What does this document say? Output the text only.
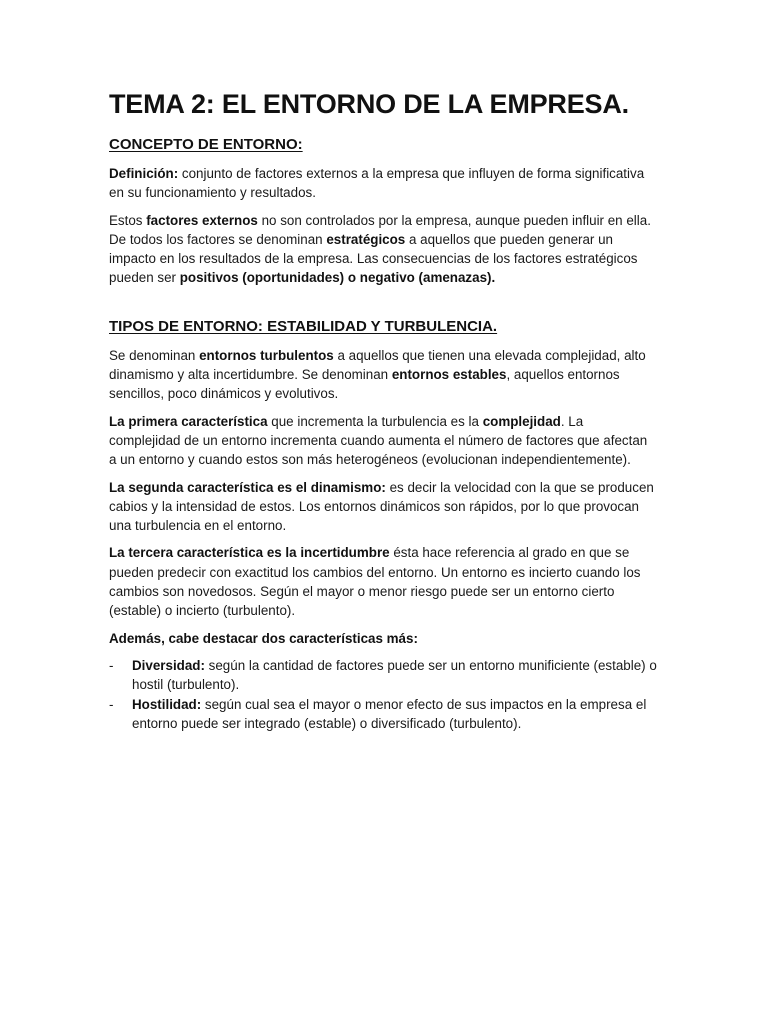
TEMA 2: EL ENTORNO DE LA EMPRESA.
CONCEPTO DE ENTORNO:

Definición: conjunto de factores externos a la empresa que influyen de forma significativa en su funcionamiento y resultados.

Estos factores externos no son controlados por la empresa, aunque pueden influir en ella. De todos los factores se denominan estratégicos a aquellos que pueden generar un impacto en los resultados de la empresa. Las consecuencias de los factores estratégicos pueden ser positivos (oportunidades) o negativo (amenazas).

TIPOS DE ENTORNO: ESTABILIDAD Y TURBULENCIA.

Se denominan entornos turbulentos a aquellos que tienen una elevada complejidad, alto dinamismo y alta incertidumbre. Se denominan entornos estables, aquellos entornos sencillos, poco dinámicos y evolutivos.

La primera característica que incrementa la turbulencia es la complejidad. La complejidad de un entorno incrementa cuando aumenta el número de factores que afectan a un entorno y cuando estos son más heterogéneos (evolucionan independientemente).

La segunda característica es el dinamismo: es decir la velocidad con la que se producen cabios y la intensidad de estos. Los entornos dinámicos son rápidos, por lo que provocan una turbulencia en el entorno.

La tercera característica es la incertidumbre ésta hace referencia al grado en que se pueden predecir con exactitud los cambios del entorno. Un entorno es incierto cuando los cambios son novedosos. Según el mayor o menor riesgo puede ser un entorno cierto (estable) o incierto (turbulento).

Además, cabe destacar dos características más:

- Diversidad: según la cantidad de factores puede ser un entorno munificiente (estable) o hostil (turbulento).
- Hostilidad: según cual sea el mayor o menor efecto de sus impactos en la empresa el entorno puede ser integrado (estable) o diversificado (turbulento).
